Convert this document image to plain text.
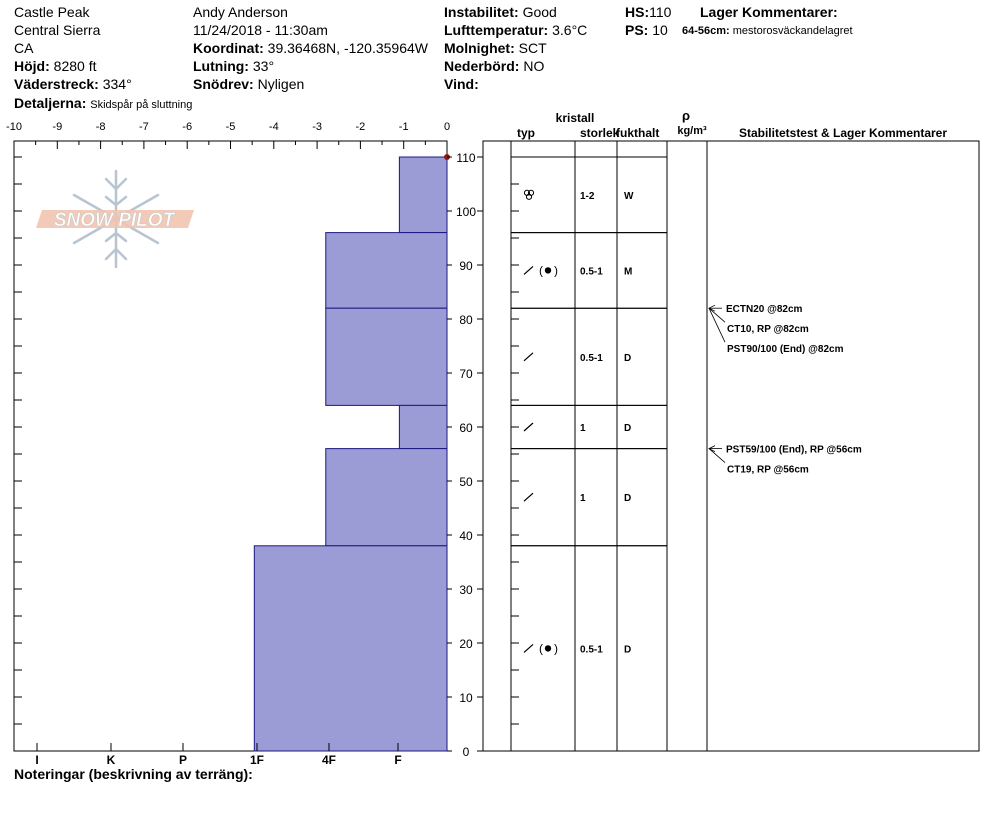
Castle Peak
Central Sierra
CA
Höjd: 8280 ft
Väderstreck: 334°
Detaljerna: Skidspår på sluttning
Andy Anderson
11/24/2018 - 11:30am
Koordinat: 39.36468N, -120.35964W
Lutning: 33°
Snödrev: Nyligen
Instabilitet: Good
Lufttemperatur: 3.6°C
Molnighet: SCT
Nederbörd: NO
Vind:
HS:110
PS: 10
Lager Kommentarer:
64-56cm: mestorosväckandelagret
SNOW PILOT
-10	-9	-8	-7	-6	-5	-4	-3	-2	-1	0
I	K	P	1F	4F	F
0
10
20
30
40
50
60
70
80
90
100
110
1-2	W
( ) 0.5-1 M
0.5-1 D
1	D
1	D
( ) 0.5-1 D
ECTN20 @82cm
CT10, RP @82cm
PST90/100 (End) @82cm
PST59/100 (End), RP @56cm
CT19, RP @56cm
kristall
typ	storlek
fukthalt
ρ
kg/m³	Stabilitetstest & Lager Kommentarer
Noteringar (beskrivning av terräng):
